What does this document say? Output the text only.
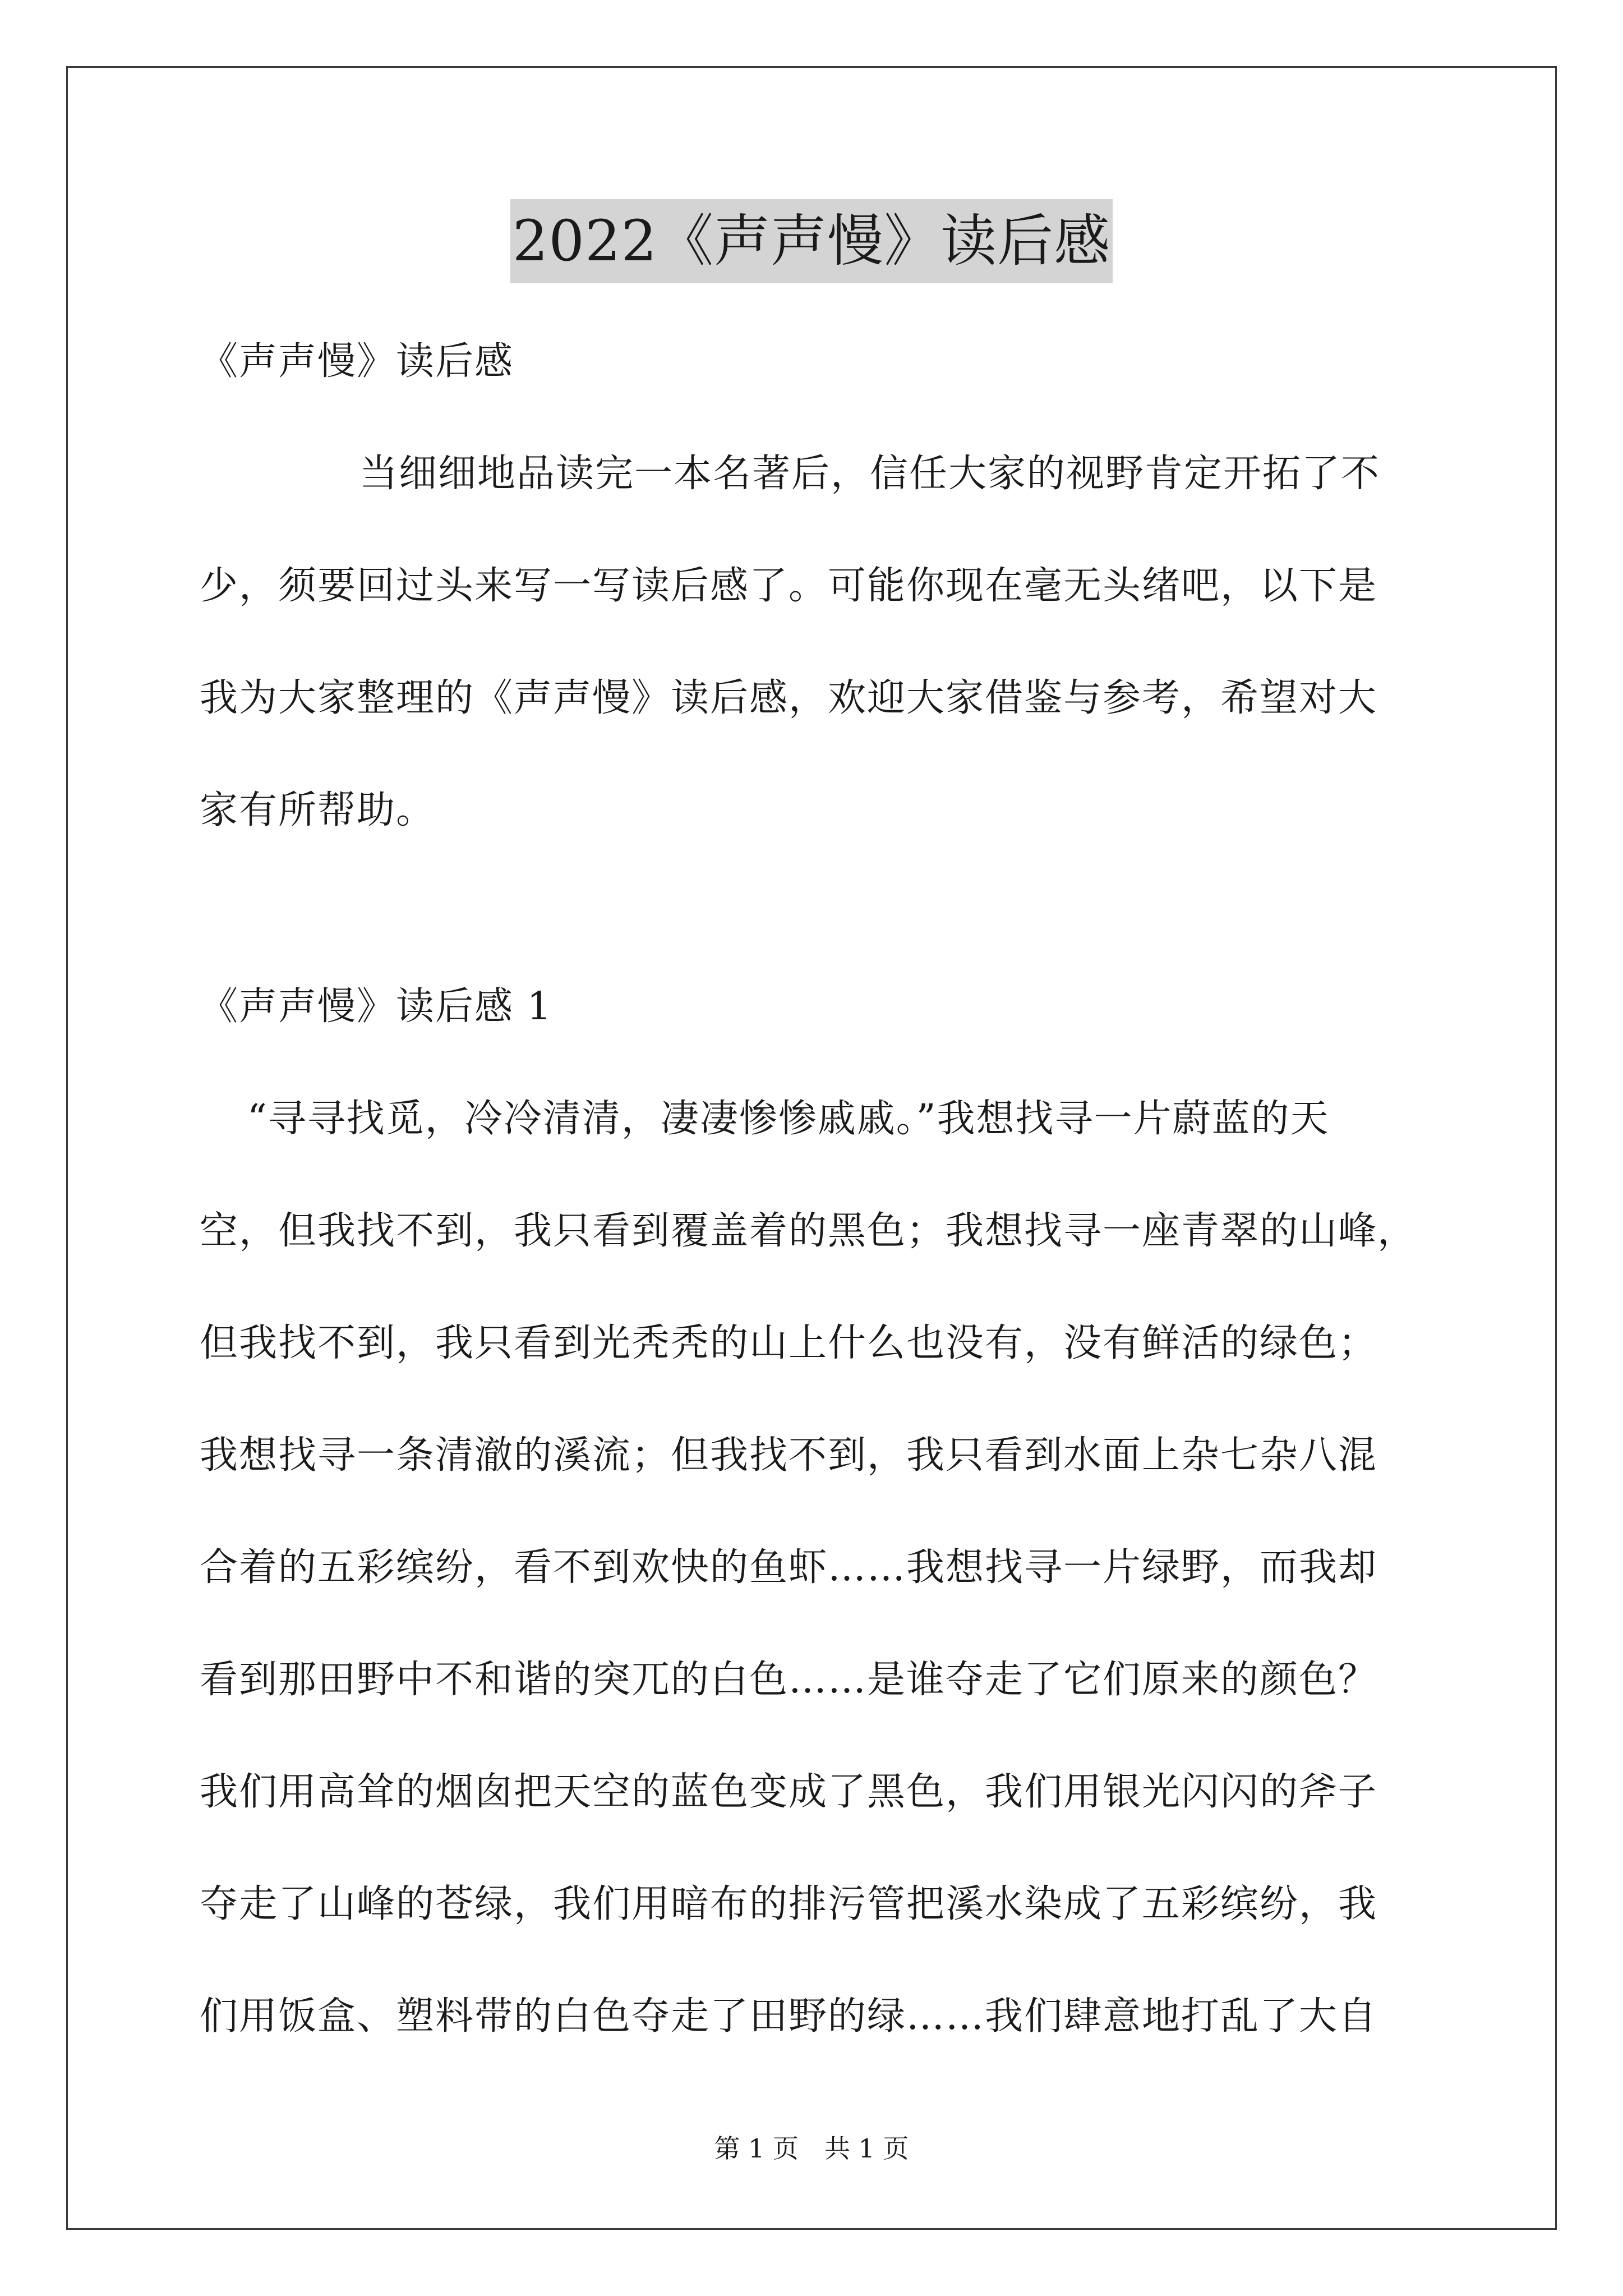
2022《声声慢》读后感
《声声慢》读后感
当细细地品读完一本名著后，信任大家的视野肯定开拓了不
少，须要回过头来写一写读后感了。可能你现在毫无头绪吧，以下是
我为大家整理的《声声慢》读后感，欢迎大家借鉴与参考，希望对大
家有所帮助。
《声声慢》读后感 1
“寻寻找觅，冷冷清清，凄凄惨惨戚戚。”我想找寻一片蔚蓝的天
空，但我找不到，我只看到覆盖着的黑色；我想找寻一座青翠的山峰，
但我找不到，我只看到光秃秃的山上什么也没有，没有鲜活的绿色；
我想找寻一条清澈的溪流；但我找不到，我只看到水面上杂七杂八混
合着的五彩缤纷，看不到欢快的鱼虾……我想找寻一片绿野，而我却
看到那田野中不和谐的突兀的白色……是谁夺走了它们原来的颜色？
我们用高耸的烟囱把天空的蓝色变成了黑色，我们用银光闪闪的斧子
夺走了山峰的苍绿，我们用暗布的排污管把溪水染成了五彩缤纷，我
们用饭盒、塑料带的白色夺走了田野的绿……我们肆意地打乱了大自
第 1 页　共 1 页
